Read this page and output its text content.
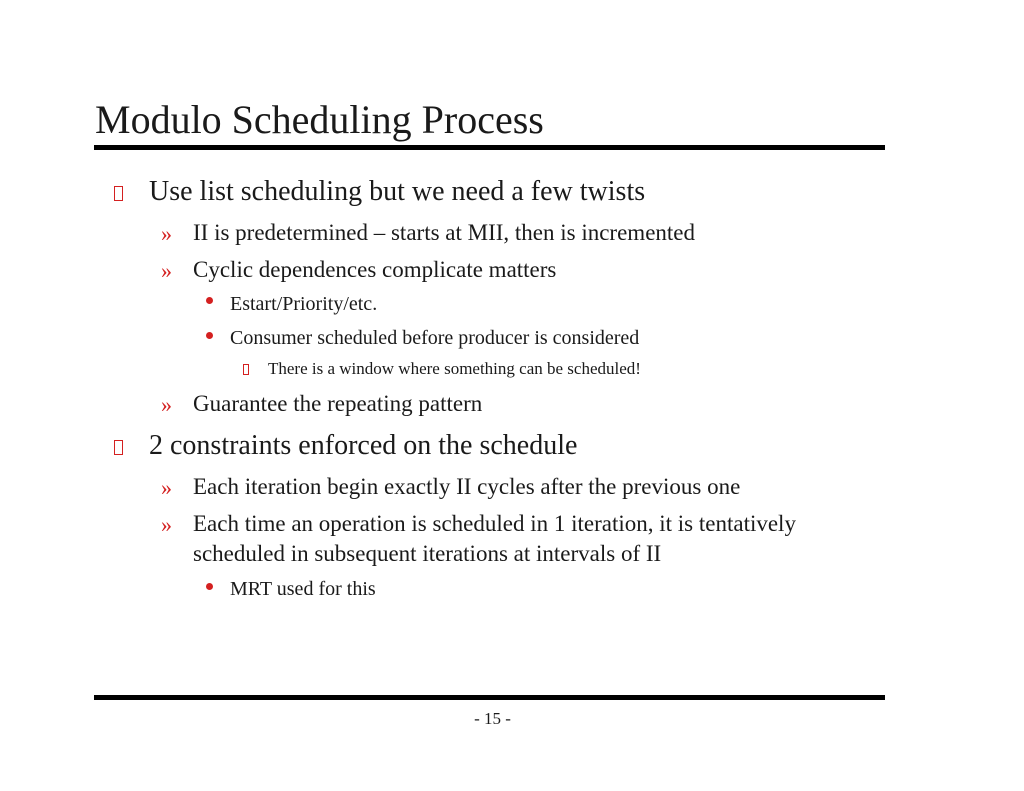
Modulo Scheduling Process
Use list scheduling but we need a few twists
» II is predetermined – starts at MII, then is incremented
» Cyclic dependences complicate matters
Estart/Priority/etc.
Consumer scheduled before producer is considered
There is a window where something can be scheduled!
» Guarantee the repeating pattern
2 constraints enforced on the schedule
» Each iteration begin exactly II cycles after the previous one
» Each time an operation is scheduled in 1 iteration, it is tentatively
scheduled in subsequent iterations at intervals of II
MRT used for this
- 15 -
